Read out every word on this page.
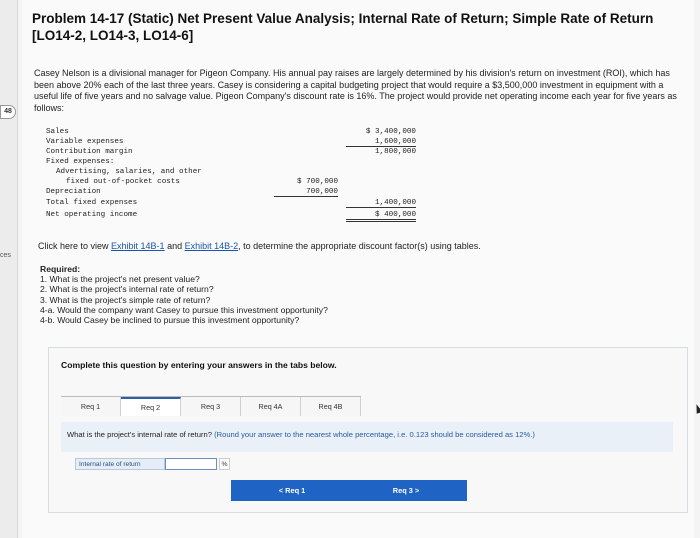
48
ces
Problem 14-17 (Static) Net Present Value Analysis; Internal Rate of Return; Simple Rate of Return [LO14-2, LO14-3, LO14-6]
Casey Nelson is a divisional manager for Pigeon Company. His annual pay raises are largely determined by his division's return on investment (ROI), which has been above 20% each of the last three years. Casey is considering a capital budgeting project that would require a $3,500,000 investment in equipment with a useful life of five years and no salvage value. Pigeon Company's discount rate is 16%. The project would provide net operating income each year for five years as follows:
Sales	$ 3,400,000
Variable expenses	1,600,000
Contribution margin	1,800,000
Fixed expenses:
Advertising, salaries, and other
fixed out-of-pocket costs	$ 700,000
Depreciation	700,000
Total fixed expenses	1,400,000
Net operating income	$ 400,000
Click here to view Exhibit 14B-1 and Exhibit 14B-2, to determine the appropriate discount factor(s) using tables.
Required:
1. What is the project's net present value?
2. What is the project's internal rate of return?
3. What is the project's simple rate of return?
4-a. Would the company want Casey to pursue this investment opportunity?
4-b. Would Casey be inclined to pursue this investment opportunity?
Complete this question by entering your answers in the tabs below.
Req 1	Req 2	Req 3	Req 4A	Req 4B
What is the project's internal rate of return? (Round your answer to the nearest whole percentage, i.e. 0.123 should be considered as 12%.)
Internal rate of return	%
< Req 1	Req 3 >
